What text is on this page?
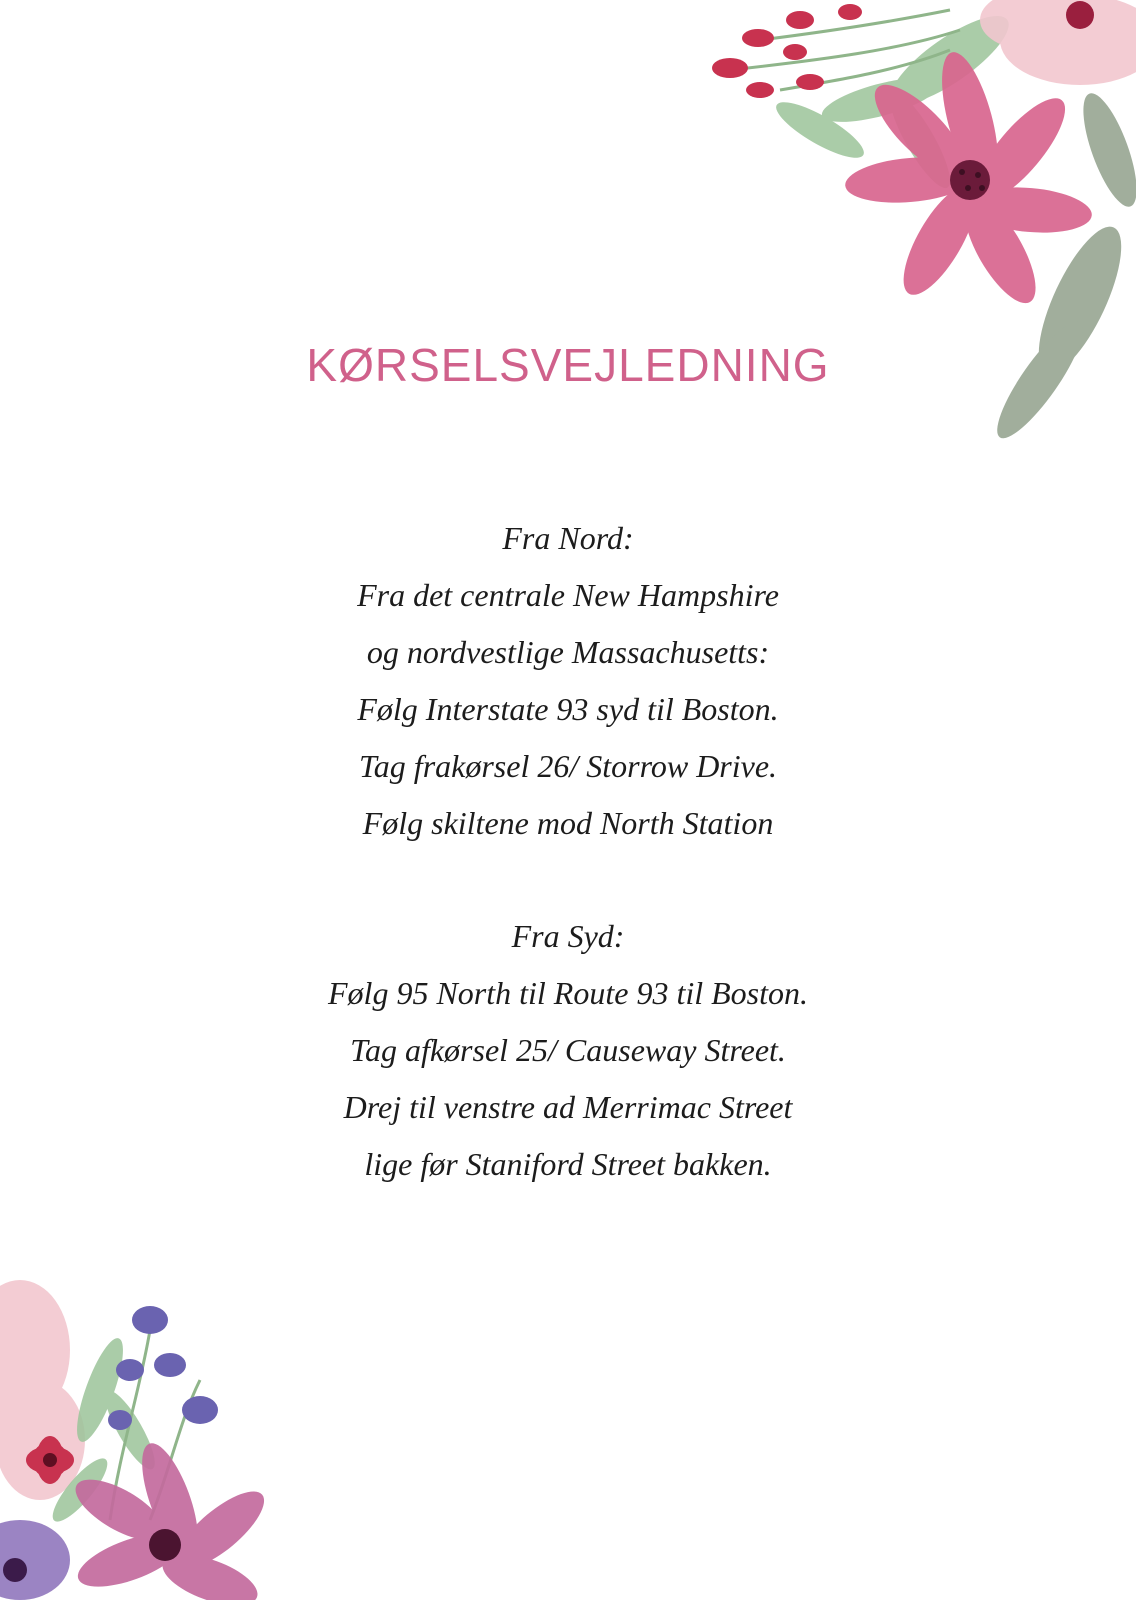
KØRSELSVEJLEDNING
Fra Nord:
Fra det centrale New Hampshire
og nordvestlige Massachusetts:
Følg Interstate 93 syd til Boston.
Tag frakørsel 26/ Storrow Drive.
Følg skiltene mod North Station
Fra Syd:
Følg 95 North til Route 93 til Boston.
Tag afkørsel 25/ Causeway Street.
Drej til venstre ad Merrimac Street
lige før Staniford Street bakken.
